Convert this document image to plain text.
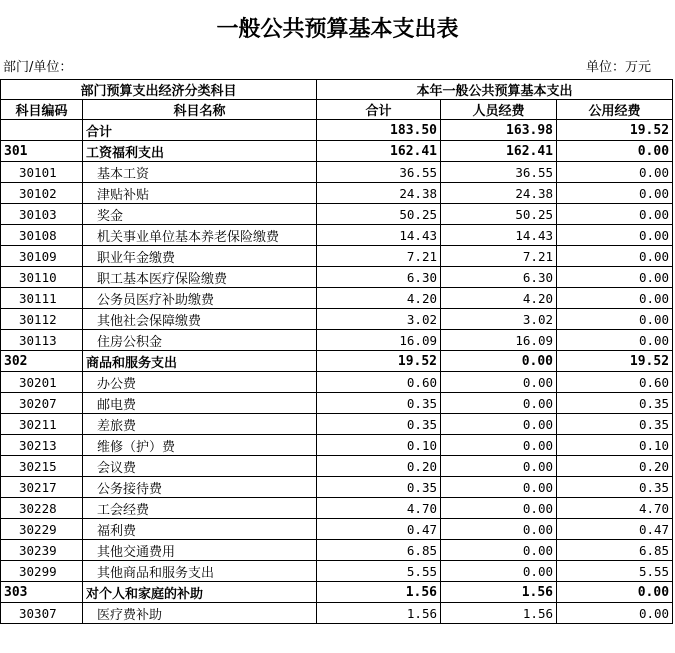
一般公共预算基本支出表
部门/单位：	单位：万元
部门预算支出经济分类科目		本年一般公共预算基本支出		
科目编码	科目名称	合计	人员经费	公用经费
	合计	183.50	163.98	19.52
301	工资福利支出	162.41	162.41	0.00
30101	基本工资	36.55	36.55	0.00
30102	津贴补贴	24.38	24.38	0.00
30103	奖金	50.25	50.25	0.00
30108	机关事业单位基本养老保险缴费	14.43	14.43	0.00
30109	职业年金缴费	7.21	7.21	0.00
30110	职工基本医疗保险缴费	6.30	6.30	0.00
30111	公务员医疗补助缴费	4.20	4.20	0.00
30112	其他社会保障缴费	3.02	3.02	0.00
30113	住房公积金	16.09	16.09	0.00
302	商品和服务支出	19.52	0.00	19.52
30201	办公费	0.60	0.00	0.60
30207	邮电费	0.35	0.00	0.35
30211	差旅费	0.35	0.00	0.35
30213	维修（护）费	0.10	0.00	0.10
30215	会议费	0.20	0.00	0.20
30217	公务接待费	0.35	0.00	0.35
30228	工会经费	4.70	0.00	4.70
30229	福利费	0.47	0.00	0.47
30239	其他交通费用	6.85	0.00	6.85
30299	其他商品和服务支出	5.55	0.00	5.55
303	对个人和家庭的补助	1.56	1.56	0.00
30307	医疗费补助	1.56	1.56	0.00
